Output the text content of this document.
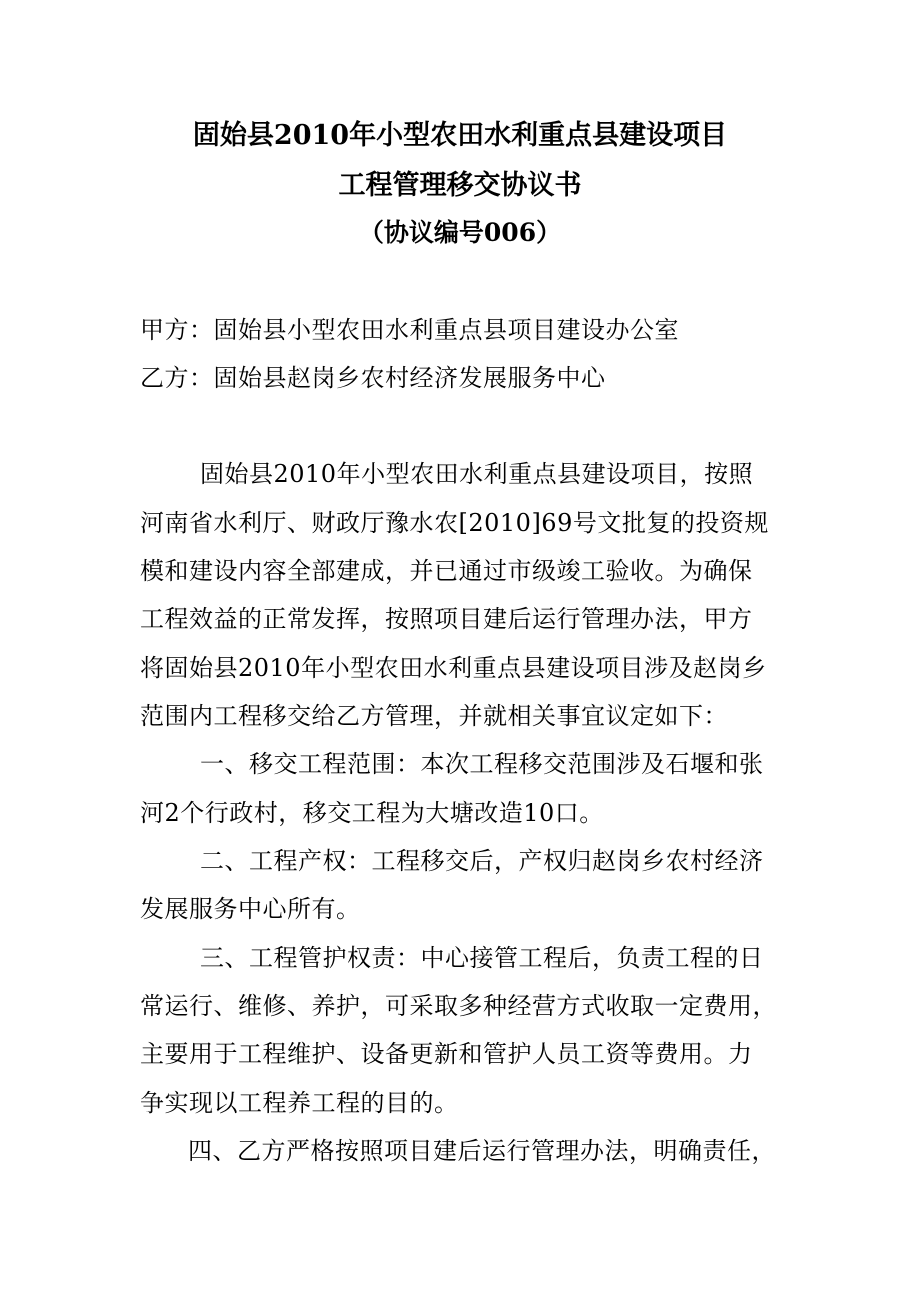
固始县2010年小型农田水利重点县建设项目
工程管理移交协议书
（协议编号006）
甲方：固始县小型农田水利重点县项目建设办公室
乙方：固始县赵岗乡农村经济发展服务中心
固始县2010年小型农田水利重点县建设项目，按照
河南省水利厅、财政厅豫水农[2010]69号文批复的投资规
模和建设内容全部建成，并已通过市级竣工验收。为确保
工程效益的正常发挥，按照项目建后运行管理办法，甲方
将固始县2010年小型农田水利重点县建设项目涉及赵岗乡
范围内工程移交给乙方管理，并就相关事宜议定如下：
一、移交工程范围：本次工程移交范围涉及石堰和张
河2个行政村，移交工程为大塘改造10口。
二、工程产权：工程移交后，产权归赵岗乡农村经济
发展服务中心所有。
三、工程管护权责：中心接管工程后，负责工程的日
常运行、维修、养护，可采取多种经营方式收取一定费用，
主要用于工程维护、设备更新和管护人员工资等费用。力
争实现以工程养工程的目的。
四、乙方严格按照项目建后运行管理办法，明确责任，
